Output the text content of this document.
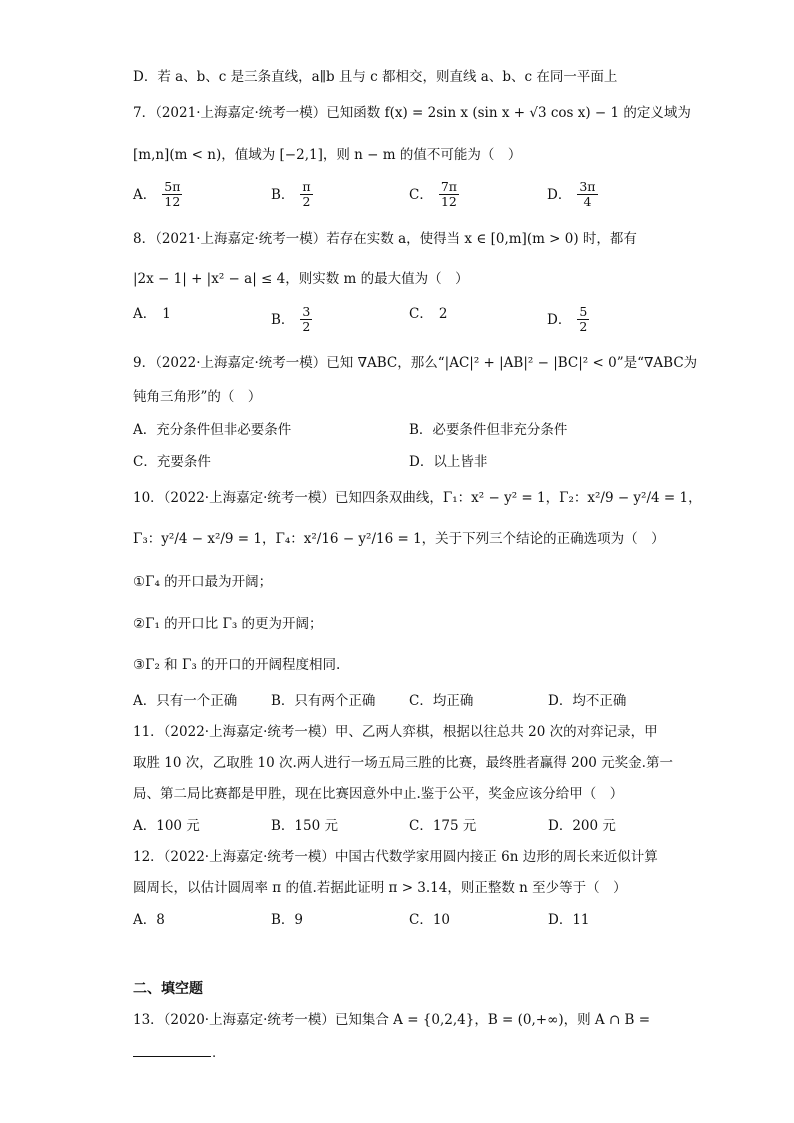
D．若 a、b、c 是三条直线，a∥b 且与 c 都相交，则直线 a、b、c 在同一平面上
7．（2021·上海嘉定·统考一模）已知函数 f(x) = 2sin x (sin x + √3 cos x) − 1 的定义域为
[m,n](m < n)，值域为 [−2,1]，则 n − m 的值不可能为（　）
A． $\frac{5\pi}{12}$	B． $\frac{\pi}{2}$	C． $\frac{7\pi}{12}$	D． $\frac{3\pi}{4}$
8．（2021·上海嘉定·统考一模）若存在实数 a，使得当 x ∈ [0,m](m > 0) 时，都有
|2x − 1| + |x² − a| ≤ 4，则实数 m 的最大值为（　）
A． 1	B． $\frac{3}{2}$	C． 2	D． $\frac{5}{2}$
9．（2022·上海嘉定·统考一模）已知 ∇ABC，那么“|AC|² + |AB|² − |BC|² < 0”是“∇ABC为
钝角三角形”的（　）
A．充分条件但非必要条件	B．必要条件但非充分条件
C．充要条件	D．以上皆非
10．（2022·上海嘉定·统考一模）已知四条双曲线，Γ₁：x² − y² = 1，Γ₂：x²/9 − y²/4 = 1，
Γ₃：y²/4 − x²/9 = 1，Γ₄：x²/16 − y²/16 = 1，关于下列三个结论的正确选项为（　）
①Γ₄ 的开口最为开阔；
②Γ₁ 的开口比 Γ₃ 的更为开阔；
③Γ₂ 和 Γ₃ 的开口的开阔程度相同.
A．只有一个正确	B．只有两个正确 C．均正确	D．均不正确
11．（2022·上海嘉定·统考一模）甲、乙两人弈棋，根据以往总共 20 次的对弈记录，甲
取胜 10 次，乙取胜 10 次.两人进行一场五局三胜的比赛，最终胜者赢得 200 元奖金.第一
局、第二局比赛都是甲胜，现在比赛因意外中止.鉴于公平，奖金应该分给甲（　）
A．100 元	B．150 元	C．175 元	D．200 元
12．（2022·上海嘉定·统考一模）中国古代数学家用圆内接正 6n 边形的周长来近似计算
圆周长，以估计圆周率 π 的值.若据此证明 π > 3.14，则正整数 n 至少等于（　）
A．8	B．9	C．10	D．11
二、填空题
13．（2020·上海嘉定·统考一模）已知集合 A = {0,2,4}，B = (0,+∞)，则 A ∩ B =
.
